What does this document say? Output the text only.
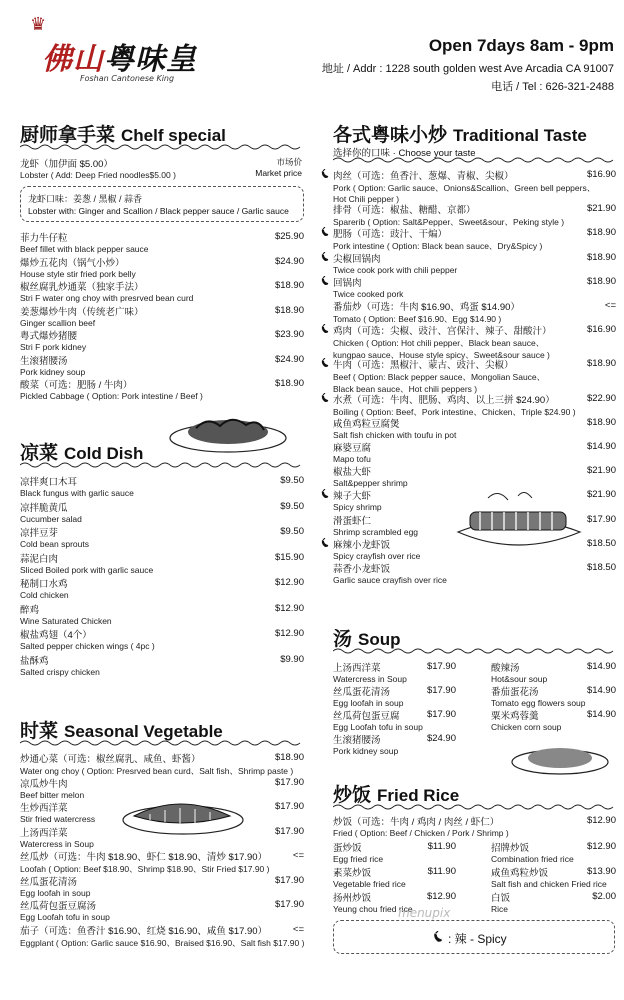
♛
佛山粤味皇
Foshan Cantonese King
Open 7days 8am - 9pm
地址 / Addr : 1228 south golden west Ave Arcadia CA 91007
电话 / Tel : 626-321-2488
厨师拿手菜 Chelf special
龙虾（加伊面 $5.00）
Lobster ( Add: Deep Fried noodles$5.00 )
市场价
Market price
龙虾口味：姜葱 / 黑椒 / 蒜香
Lobster with: Ginger and Scallion / Black pepper sauce / Garlic sauce
菲力牛仔粒
Beef fillet with black pepper sauce
$25.90
爆炒五花肉（锅气小炒）
House style stir fried pork belly
$24.90
椒丝腐乳炒通菜（独家手法）
Stri F water ong choy with presrved bean curd
$18.90
姜葱爆炒牛肉（传统老广味）
Ginger scallion beef
$18.90
粤式爆炒猪腰
Stri F pork kidney
$23.90
生滚猪腰汤
Pork kidney soup
$24.90
酸菜（可选：肥肠 / 牛肉）
Pickled Cabbage ( Option: Pork intestine / Beef )
$18.90
凉菜 Cold Dish
凉拌爽口木耳
Black fungus with garlic sauce
$9.50
凉拌脆黄瓜
Cucumber salad
$9.50
凉拌豆芽
Cold bean sprouts
$9.50
蒜泥白肉
Sliced Boiled pork with garlic sauce
$15.90
秘制口水鸡
Cold chicken
$12.90
醉鸡
Wine Saturated Chicken
$12.90
椒盐鸡翅（4个）
Salted pepper chicken wings ( 4pc )
$12.90
盐酥鸡
Salted crispy chicken
$9.90
时菜 Seasonal Vegetable
炒通心菜（可选：椒丝腐乳、咸鱼、虾酱）
Water ong choy ( Option: Presrved bean curd、Salt fish、Shrimp paste )
$18.90
凉瓜炒牛肉
Beef bitter melon
$17.90
生炒西洋菜
Stir fried watercress
$17.90
上汤西洋菜
Watercress in Soup
$17.90
丝瓜炒（可选：牛肉 $18.90、虾仁 $18.90、清炒 $17.90）
Loofah ( Option: Beef $18.90、Shrimp $18.90、Stir Fried $17.90 )
<=
丝瓜蛋花清汤
Egg loofah in soup
$17.90
丝瓜荷包蛋豆腐汤
Egg Loofah tofu in soup
$17.90
茄子（可选：鱼香汁 $16.90、红烧 $16.90、咸鱼 $17.90）
Eggplant ( Option: Garlic sauce $16.90、Braised $16.90、Salt fish $17.90 )
<=
各式粤味小炒 Traditional Taste
选择你的口味 · Choose your taste
肉丝（可选：鱼香汁、葱爆、青椒、尖椒）
Pork ( Option: Garlic sauce、Onions&Scallion、Green bell peppers、
Hot Chili pepper )
$16.90
排骨（可选：椒盐、糖醋、京都）
Sparerib ( Option: Salt&Pepper、Sweet&sour、Peking style )
$21.90
肥肠（可选：豉汁、干煸）
Pork intestine ( Option: Black bean sauce、Dry&Spicy )
$18.90
尖椒回锅肉
Twice cook pork with chili pepper
$18.90
回锅肉
Twice cooked pork
$18.90
番茄炒（可选：牛肉 $16.90、鸡蛋 $14.90）
Tomato ( Option: Beef $16.90、Egg $14.90 )
<=
鸡肉（可选：尖椒、豉汁、宫保汁、辣子、甜酸汁）
Chicken ( Option: Hot chili pepper、Black bean sauce、
kungpao sauce、House style spicy、Sweet&sour sauce )
$16.90
牛肉（可选：黑椒汁、蒙古、豉汁、尖椒）
Beef ( Option: Black pepper sauce、Mongolian Sauce、
Black bean sauce、Hot chili peppers )
$18.90
水煮（可选：牛肉、肥肠、鸡肉、以上三拼 $24.90）
Boiling ( Option: Beef、Pork intestine、Chicken、Triple $24.90 )
$22.90
咸鱼鸡粒豆腐煲
Salt fish chicken with toufu in pot
$18.90
麻婆豆腐
Mapo tofu
$14.90
椒盐大虾
Salt&pepper shrimp
$21.90
辣子大虾
Spicy shrimp
$21.90
滑蛋虾仁
Shrimp scrambled egg
$17.90
麻辣小龙虾饭
Spicy crayfish over rice
$18.50
蒜香小龙虾饭
Garlic sauce crayfish over rice
$18.50
汤 Soup
上汤西洋菜
Watercress in Soup
$17.90
丝瓜蛋花清汤
Egg loofah in soup
$17.90
丝瓜荷包蛋豆腐
Egg Loofah tofu in soup
$17.90
生滚猪腰汤
Pork kidney soup
$24.90
酸辣汤
Hot&sour soup
$14.90
番茄蛋花汤
Tomato egg flowers soup
$14.90
粟米鸡蓉羹
Chicken corn soup
$14.90
炒饭 Fried Rice
炒饭（可选：牛肉 / 鸡肉 / 肉丝 / 虾仁）
Fried ( Option: Beef / Chicken / Pork / Shrimp )
$12.90
蛋炒饭
Egg fried rice
$11.90
素菜炒饭
Vegetable fried rice
$11.90
扬州炒饭
Yeung chou fried rice
$12.90
招牌炒饭
Combination fried rice
$12.90
咸鱼鸡粒炒饭
Salt fish and chicken Fried rice
$13.90
白饭
Rice
$2.00
: 辣 - Spicy
menupix
